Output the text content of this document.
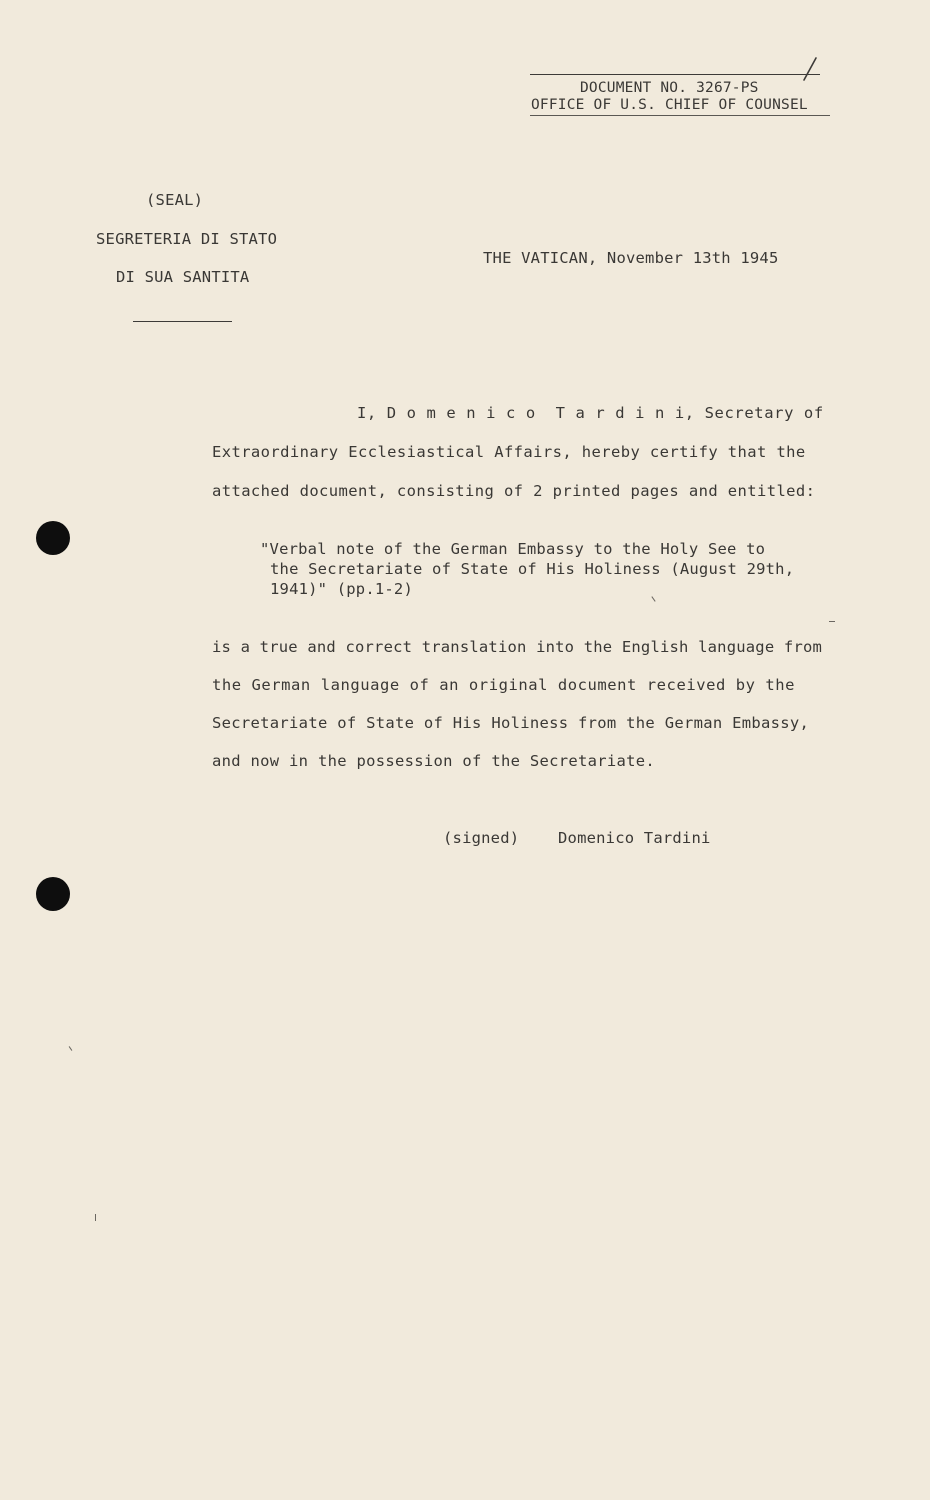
DOCUMENT NO. 3267-PS
OFFICE OF U.S. CHIEF OF COUNSEL
(SEAL)
SEGRETERIA DI STATO
DI SUA SANTITA
THE VATICAN, November 13th 1945
I, D o m e n i c o  T a r d i n i, Secretary of
Extraordinary Ecclesiastical Affairs, hereby certify that the
attached document, consisting of 2 printed pages and entitled:
"Verbal note of the German Embassy to the Holy See to
the Secretariate of State of His Holiness (August 29th,
1941)" (pp.1-2)
is a true and correct translation into the English language from
the German language of an original document received by the
Secretariate of State of His Holiness from the German Embassy,
and now in the possession of the Secretariate.
(signed) Domenico Tardini
